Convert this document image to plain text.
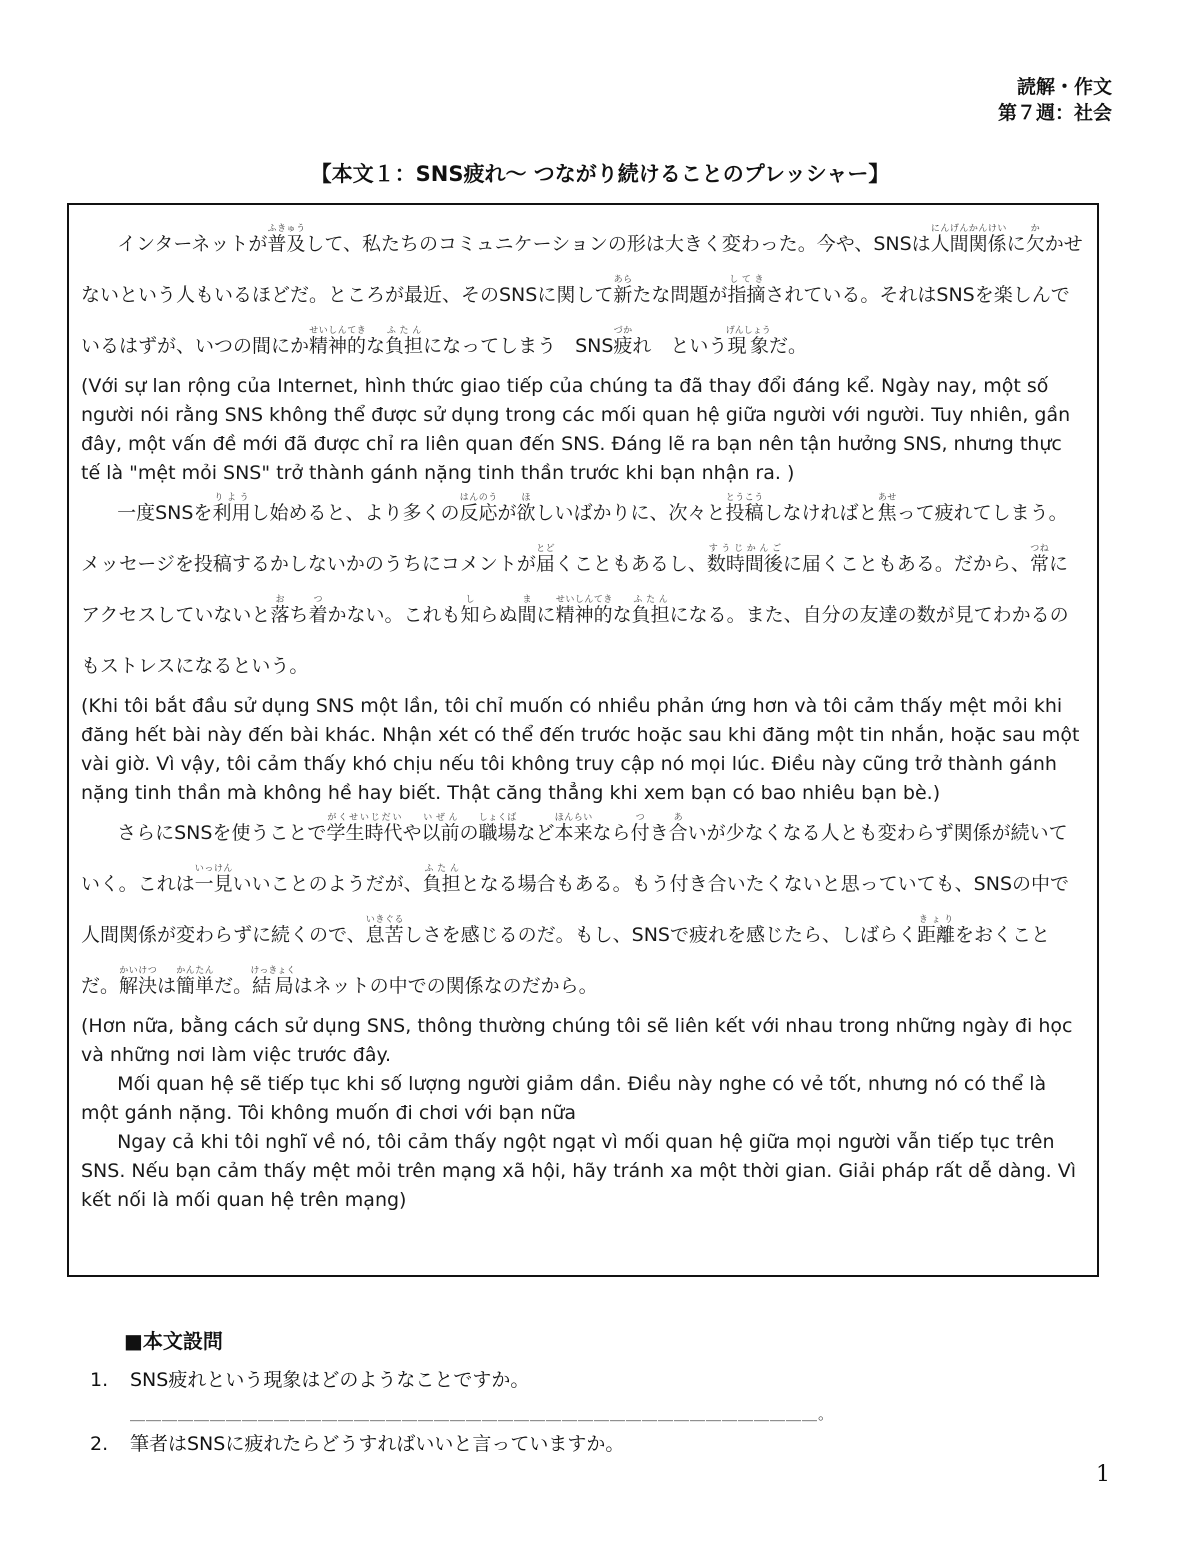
読解・作文
第７週：社会
【本文１：SNS疲れ～ つながり続けることのプレッシャー】
インターネットが普及ふきゅうして、私たちのコミュニケーションの形は大きく変わった。今や、SNSは人間関係にんげんかんけいに欠かかせないという人もいるほどだ。ところが最近、そのSNSに関して新あらたな問題が指摘してきされている。それはSNSを楽しんでいるはずが、いつの間にか精神的せいしんてきな負担ふたんになってしまう　SNS疲づかれ　という現象げんしょうだ。
(Với sự lan rộng của Internet, hình thức giao tiếp của chúng ta đã thay đổi đáng kể. Ngày nay, một số người nói rằng SNS không thể được sử dụng trong các mối quan hệ giữa người với người. Tuy nhiên, gần đây, một vấn đề mới đã được chỉ ra liên quan đến SNS. Đáng lẽ ra bạn nên tận hưởng SNS, nhưng thực tế là "mệt mỏi SNS" trở thành gánh nặng tinh thần trước khi bạn nhận ra. )
一度SNSを利用りようし始めると、より多くの反応はんのうが欲ほしいばかりに、次々と投稿とうこうしなければと焦あせって疲れてしまう。メッセージを投稿するかしないかのうちにコメントが届とどくこともあるし、数時間後すうじかんごに届くこともある。だから、常つねにアクセスしていないと落おち着つかない。これも知しらぬ間まに精神的せいしんてきな負担ふたんになる。また、自分の友達の数が見てわかるのもストレスになるという。
(Khi tôi bắt đầu sử dụng SNS một lần, tôi chỉ muốn có nhiều phản ứng hơn và tôi cảm thấy mệt mỏi khi đăng hết bài này đến bài khác. Nhận xét có thể đến trước hoặc sau khi đăng một tin nhắn, hoặc sau một vài giờ. Vì vậy, tôi cảm thấy khó chịu nếu tôi không truy cập nó mọi lúc. Điều này cũng trở thành gánh nặng tinh thần mà không hề hay biết. Thật căng thẳng khi xem bạn có bao nhiêu bạn bè.)
さらにSNSを使うことで学生時代がくせいじだいや以前いぜんの職場しょくばなど本来ほんらいなら付つき合あいが少なくなる人とも変わらず関係が続いていく。これは一見いっけんいいことのようだが、負担ふたんとなる場合もある。もう付き合いたくないと思っていても、SNSの中で人間関係が変わらずに続くので、息苦いきぐるしさを感じるのだ。もし、SNSで疲れを感じたら、しばらく距離きょりをおくことだ。解決かいけつは簡単かんたんだ。結局けっきょくはネットの中での関係なのだから。
(Hơn nữa, bằng cách sử dụng SNS, thông thường chúng tôi sẽ liên kết với nhau trong những ngày đi học và những nơi làm việc trước đây.
Mối quan hệ sẽ tiếp tục khi số lượng người giảm dần. Điều này nghe có vẻ tốt, nhưng nó có thể là một gánh nặng. Tôi không muốn đi chơi với bạn nữa
Ngay cả khi tôi nghĩ về nó, tôi cảm thấy ngột ngạt vì mối quan hệ giữa mọi người vẫn tiếp tục trên SNS. Nếu bạn cảm thấy mệt mỏi trên mạng xã hội, hãy tránh xa một thời gian. Giải pháp rất dễ dàng. Vì kết nối là mối quan hệ trên mạng)
■本文設問
1. SNS疲れという現象はどのようなことですか。
＿＿＿＿＿＿＿＿＿＿＿＿＿＿＿＿＿＿＿＿＿＿＿＿＿＿＿＿＿＿＿＿＿＿＿＿＿＿＿＿＿＿＿。
2. 筆者はSNSに疲れたらどうすればいいと言っていますか。
1
